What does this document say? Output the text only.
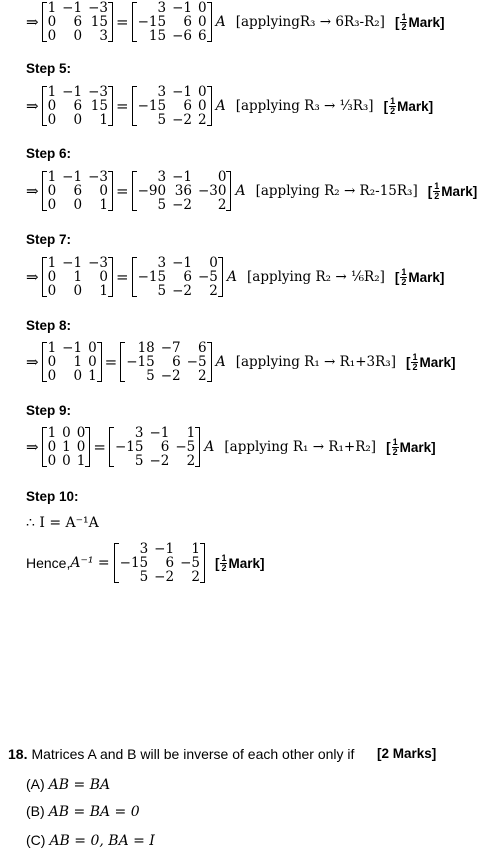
⇒
1	−1	−3
0	6	15
0	0	3
=
3	−1	0
−15	6	0
15	−6	6
A [applyingR₃ → 6R₃-R₂] [ $\frac{1}{2}$ Mark ]
Step 5:
⇒
1	−1	−3
0	6	15
0	0	1
=
3	−1	0
−15	6	0
5	−2	2
A [applying R₃ → ⅓R₃] [ $\frac{1}{2}$ Mark ]
Step 6:
⇒
1	−1	−3
0	6	0
0	0	1
=
3	−1	0
−90	36	−30
5	−2	2
A [applying R₂ → R₂-15R₃] [ $\frac{1}{2}$ Mark ]
Step 7:
⇒
1	−1	−3
0	1	0
0	0	1
=
3	−1	0
−15	6	−5
5	−2	2
A [applying R₂ → ⅙R₂] [ $\frac{1}{2}$ Mark ]
Step 8:
⇒
1	−1	0
0	1	0
0	0	1
=
18	−7	6
−15	6	−5
5	−2	2
A [applying R₁ → R₁+3R₃] [ $\frac{1}{2}$ Mark ]
Step 9:
⇒
1	0	0
0	1	0
0	0	1
=
3	−1	1
−15	6	−5
5	−2	2
A [applying R₁ → R₁+R₂] [ $\frac{1}{2}$ Mark ]
Step 10:
∴ I = A⁻¹A
Hence, A⁻¹ =
3	−1	1
−15	6	−5
5	−2	2
[ $\frac{1}{2}$ Mark ]
18. Matrices A and B will be inverse of each other only if [2 Marks]
(A) AB = BA
(B) AB = BA = 0
(C) AB = 0, BA = I
